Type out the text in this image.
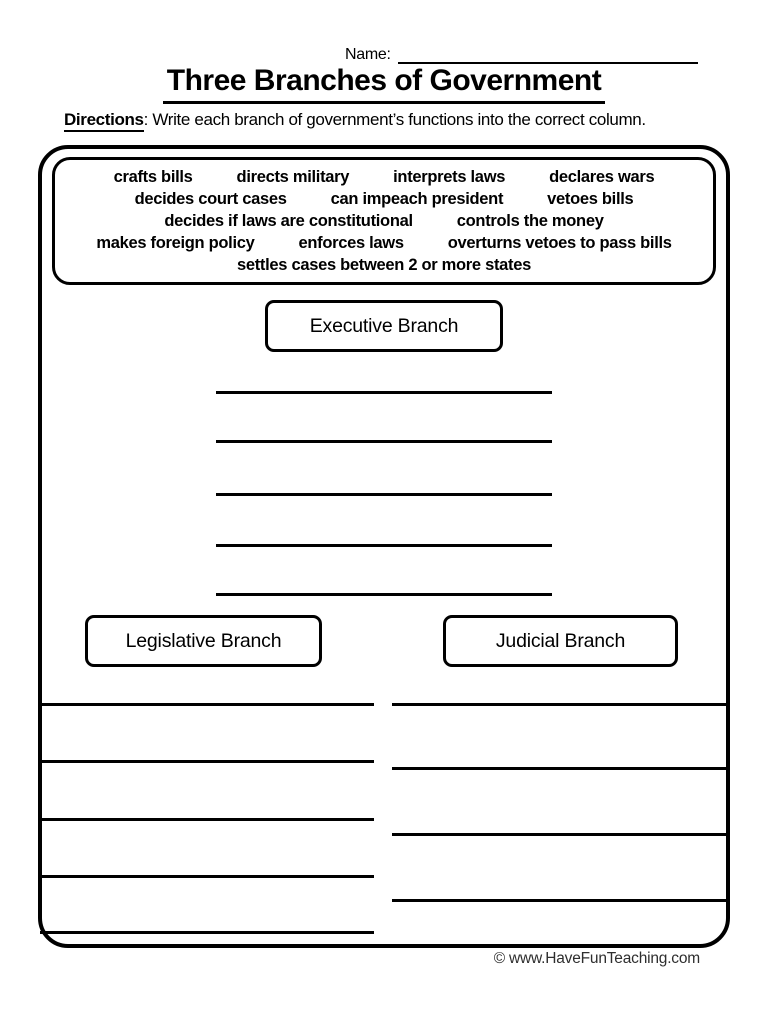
Name:
Three Branches of Government
Directions: Write each branch of government’s functions into the correct column.
crafts bills	directs military	interprets laws	declares wars
decides court cases	can impeach president	vetoes bills
decides if laws are constitutional	controls the money
makes foreign policy	enforces laws	overturns vetoes to pass bills
settles cases between 2 or more states
Executive Branch
Legislative Branch	Judicial Branch
© www.HaveFunTeaching.com
